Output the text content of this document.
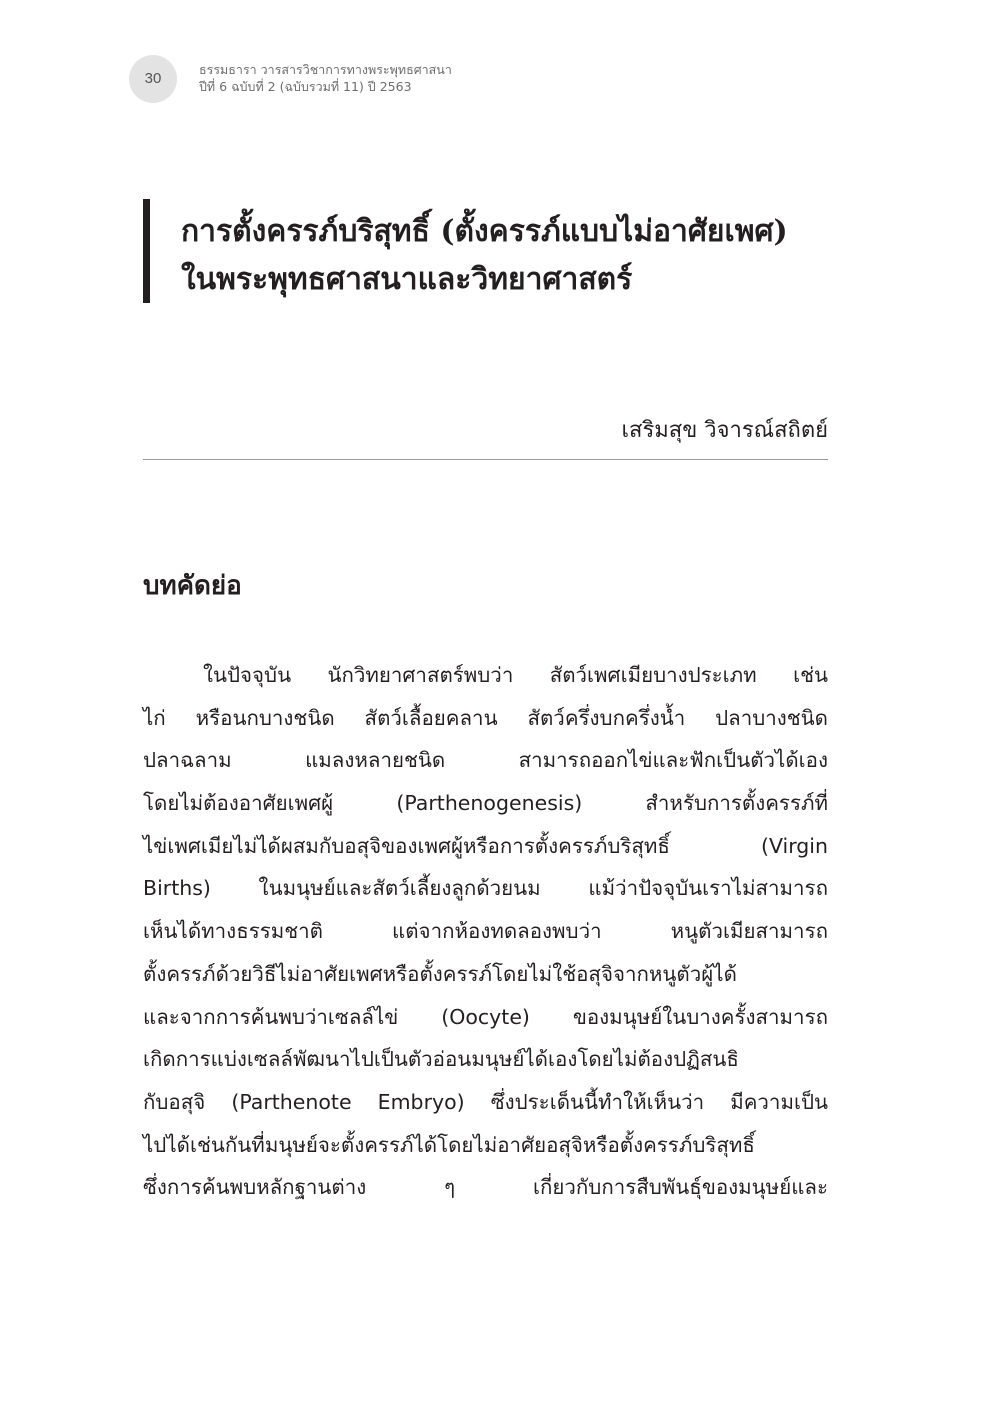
30
ธรรมธารา วารสารวิชาการทางพระพุทธศาสนา
ปีที่ 6 ฉบับที่ 2 (ฉบับรวมที่ 11) ปี 2563
การตั้งครรภ์บริสุทธิ์ (ตั้งครรภ์แบบไม่อาศัยเพศ)
ในพระพุทธศาสนาและวิทยาศาสตร์
เสริมสุข วิจารณ์สถิตย์
บทคัดย่อ
ในปัจจุบัน นักวิทยาศาสตร์พบว่า สัตว์เพศเมียบางประเภท เช่น
ไก่ หรือนกบางชนิด สัตว์เลื้อยคลาน สัตว์ครึ่งบกครึ่งน้ำ ปลาบางชนิด
ปลาฉลาม แมลงหลายชนิด สามารถออกไข่และฟักเป็นตัวได้เอง
โดยไม่ต้องอาศัยเพศผู้ (Parthenogenesis) สำหรับการตั้งครรภ์ที่
ไข่เพศเมียไม่ได้ผสมกับอสุจิของเพศผู้หรือการตั้งครรภ์บริสุทธิ์ (Virgin
Births) ในมนุษย์และสัตว์เลี้ยงลูกด้วยนม แม้ว่าปัจจุบันเราไม่สามารถ
เห็นได้ทางธรรมชาติ แต่จากห้องทดลองพบว่า หนูตัวเมียสามารถ
ตั้งครรภ์ด้วยวิธีไม่อาศัยเพศหรือตั้งครรภ์โดยไม่ใช้อสุจิจากหนูตัวผู้ได้
และจากการค้นพบว่าเซลล์ไข่ (Oocyte) ของมนุษย์ในบางครั้งสามารถ
เกิดการแบ่งเซลล์พัฒนาไปเป็นตัวอ่อนมนุษย์ได้เองโดยไม่ต้องปฏิสนธิ
กับอสุจิ (Parthenote Embryo) ซึ่งประเด็นนี้ทำให้เห็นว่า มีความเป็น
ไปได้เช่นกันที่มนุษย์จะตั้งครรภ์ได้โดยไม่อาศัยอสุจิหรือตั้งครรภ์บริสุทธิ์
ซึ่งการค้นพบหลักฐานต่าง ๆ เกี่ยวกับการสืบพันธุ์ของมนุษย์และ
